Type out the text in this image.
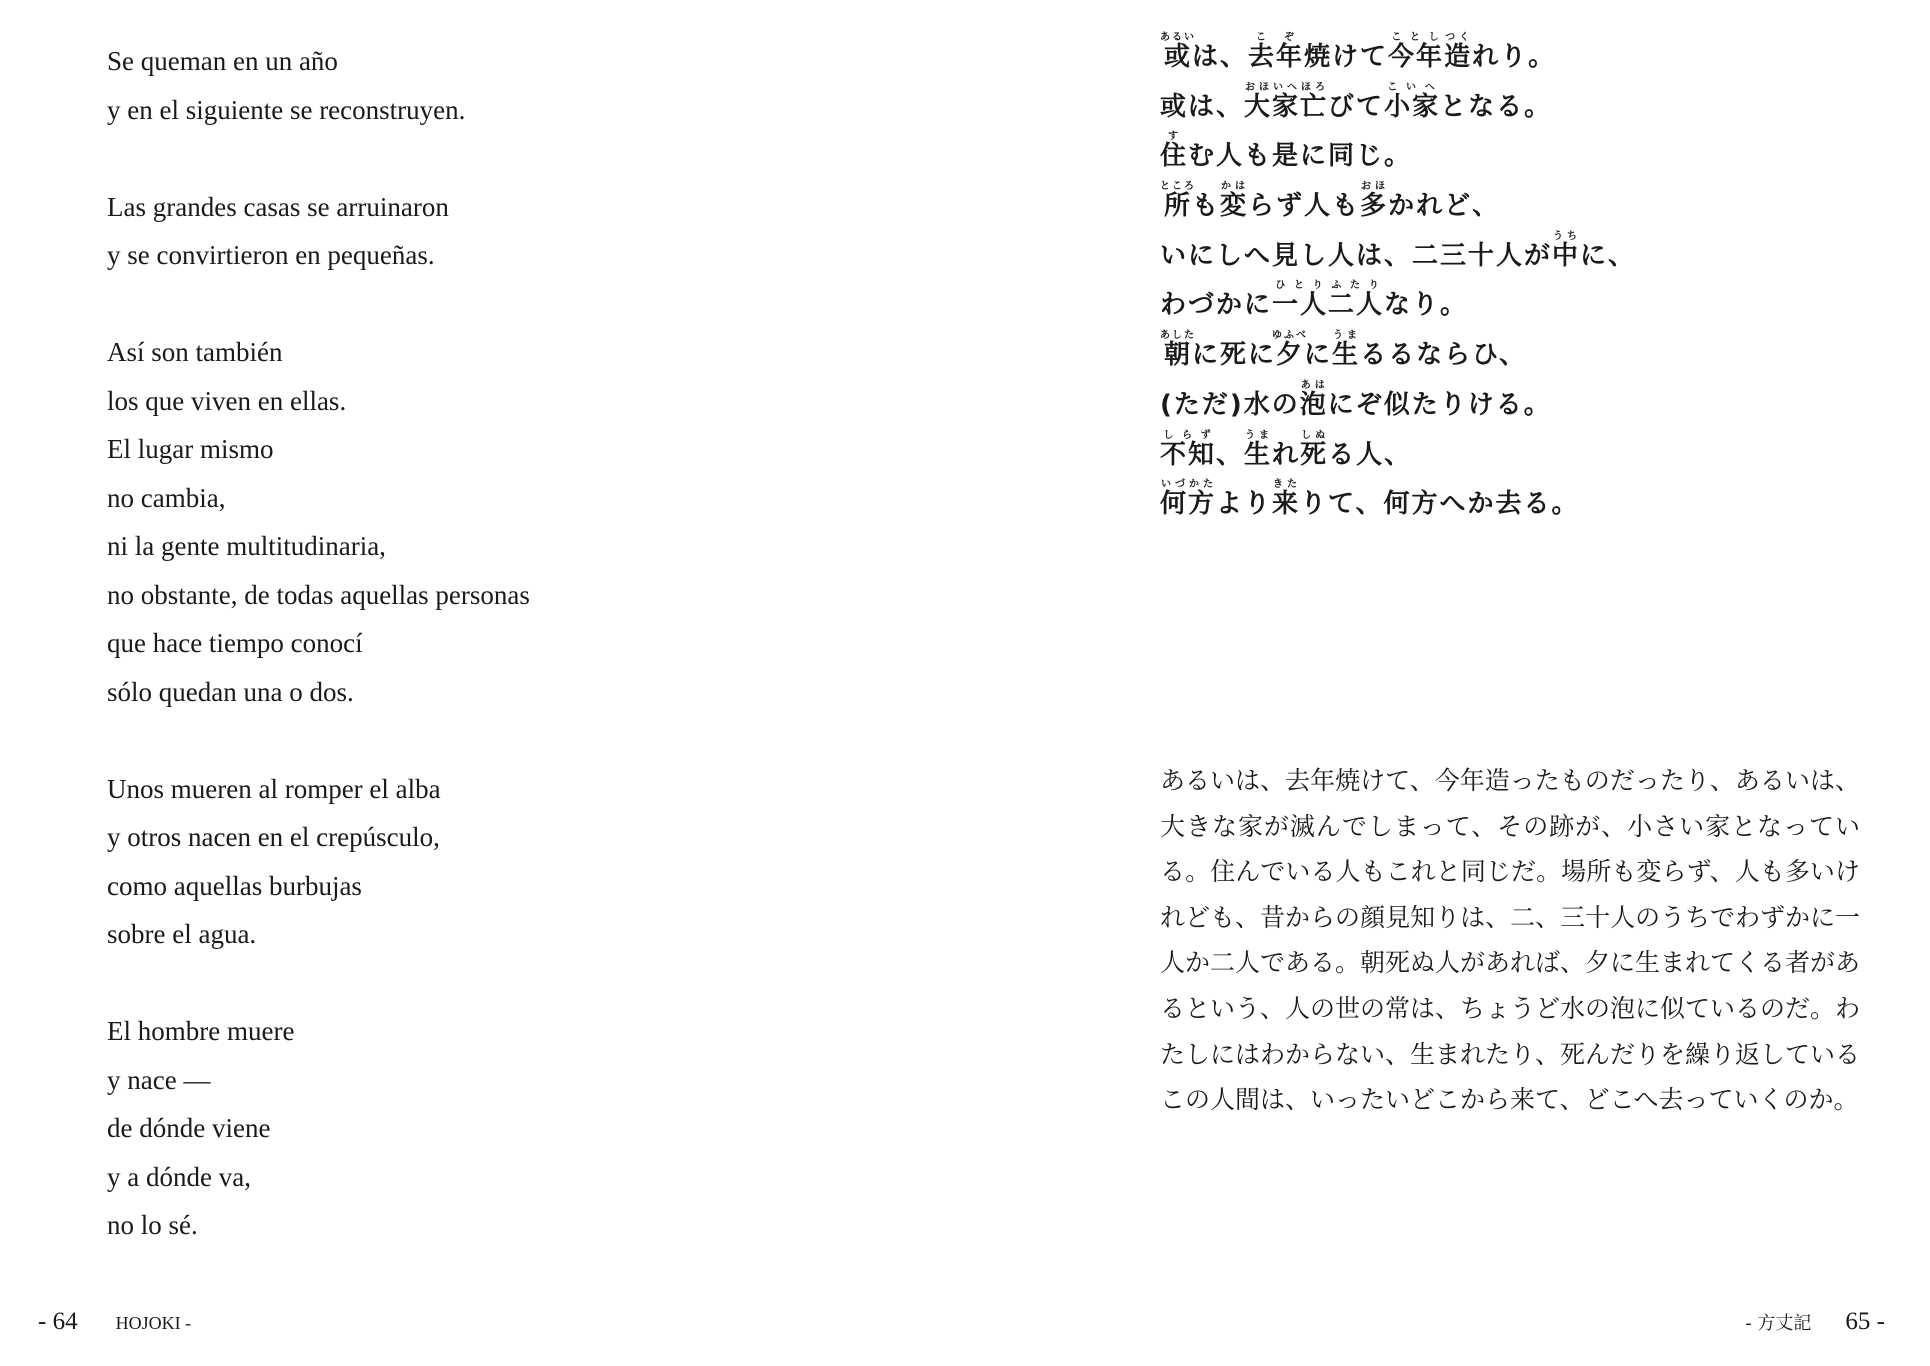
Se queman en un año
y en el siguiente se reconstruyen.
Las grandes casas se arruinaron
y se convirtieron en pequeñas.
Así son también
los que viven en ellas.
El lugar mismo
no cambia,
ni la gente multitudinaria,
no obstante, de todas aquellas personas
que hace tiempo conocí
sólo quedan una o dos.
Unos mueren al romper el alba
y otros nacen en el crepúsculo,
como aquellas burbujas
sobre el agua.
El hombre muere
y nace —
de dónde viene
y a dónde va,
no lo sé.
或あるいは、去年こぞ焼けて今年ことし造つくれり。
或は、大家おほいへ亡ほろびて小家こいへとなる。
住すむ人も是に同じ。
所ところも変かはらず人も多おほかれど、
いにしへ見し人は、二三十人が中うちに、
わづかに一人二人ひとりふたりなり。
朝あしたに死に夕ゆふべに生うまるるならひ、
(ただ)水の泡あはにぞ似たりける。
不知しらず、生うまれ死しぬる人、
何方いづかたより来きたりて、何方へか去る。
あるいは、去年焼けて、今年造ったものだったり、あるいは、大きな家が滅んでしまって、その跡が、小さい家となっている。住んでいる人もこれと同じだ。場所も変らず、人も多いけれども、昔からの顔見知りは、二、三十人のうちでわずかに一人か二人である。朝死ぬ人があれば、夕に生まれてくる者があるという、人の世の常は、ちょうど水の泡に似ているのだ。わたしにはわからない、生まれたり、死んだりを繰り返しているこの人間は、いったいどこから来て、どこへ去っていくのか。
- 64 HOJOKI -	- 方丈記 65 -
